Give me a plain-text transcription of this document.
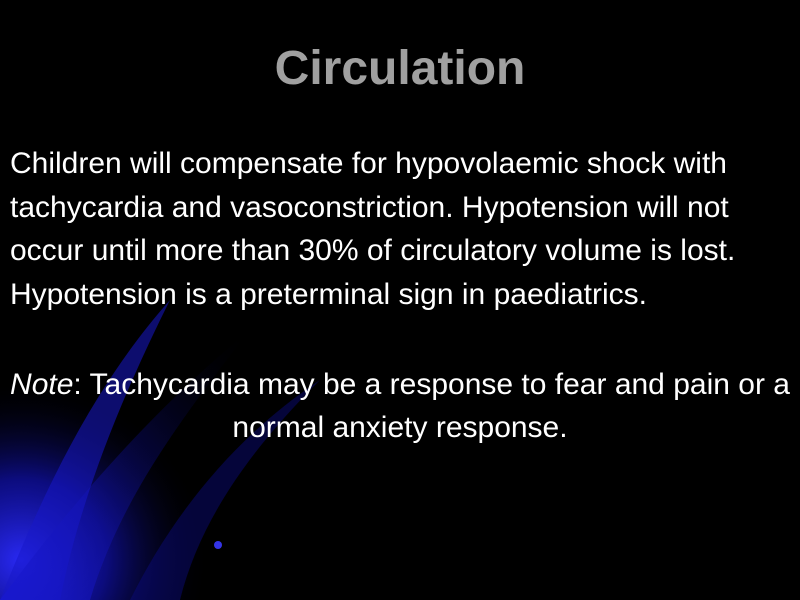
Circulation

Children will compensate for hypovolaemic shock with tachycardia and vasoconstriction. Hypotension will not occur until more than 30% of circulatory volume is lost. Hypotension is a preterminal sign in paediatrics.

Note: Tachycardia may be a response to fear and pain or a normal anxiety response.
